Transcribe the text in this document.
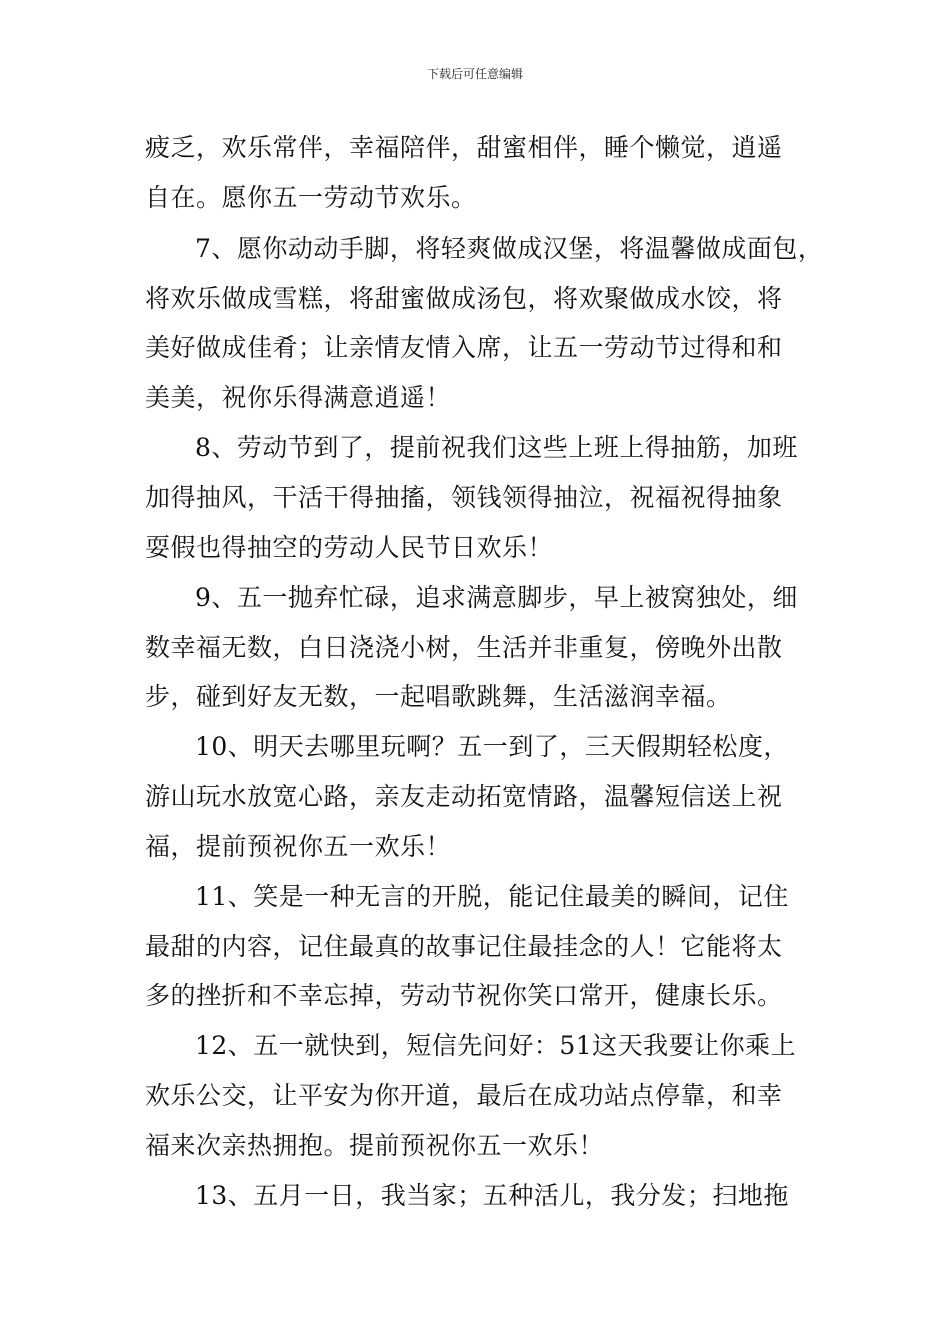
下载后可任意编辑
疲乏，欢乐常伴，幸福陪伴，甜蜜相伴，睡个懒觉，逍遥
自在。愿你五一劳动节欢乐。
7、愿你动动手脚，将轻爽做成汉堡，将温馨做成面包，
将欢乐做成雪糕，将甜蜜做成汤包，将欢聚做成水饺，将
美好做成佳肴；让亲情友情入席，让五一劳动节过得和和
美美，祝你乐得满意逍遥！
8、劳动节到了，提前祝我们这些上班上得抽筋，加班
加得抽风，干活干得抽搐，领钱领得抽泣，祝福祝得抽象
耍假也得抽空的劳动人民节日欢乐！
9、五一抛弃忙碌，追求满意脚步，早上被窝独处，细
数幸福无数，白日浇浇小树，生活并非重复，傍晚外出散
步，碰到好友无数，一起唱歌跳舞，生活滋润幸福。
10、明天去哪里玩啊？五一到了，三天假期轻松度，
游山玩水放宽心路，亲友走动拓宽情路，温馨短信送上祝
福，提前预祝你五一欢乐！
11、笑是一种无言的开脱，能记住最美的瞬间，记住
最甜的内容，记住最真的故事记住最挂念的人！它能将太
多的挫折和不幸忘掉，劳动节祝你笑口常开，健康长乐。
12、五一就快到，短信先问好：51这天我要让你乘上
欢乐公交，让平安为你开道，最后在成功站点停靠，和幸
福来次亲热拥抱。提前预祝你五一欢乐！
13、五月一日，我当家；五种活儿，我分发；扫地拖
